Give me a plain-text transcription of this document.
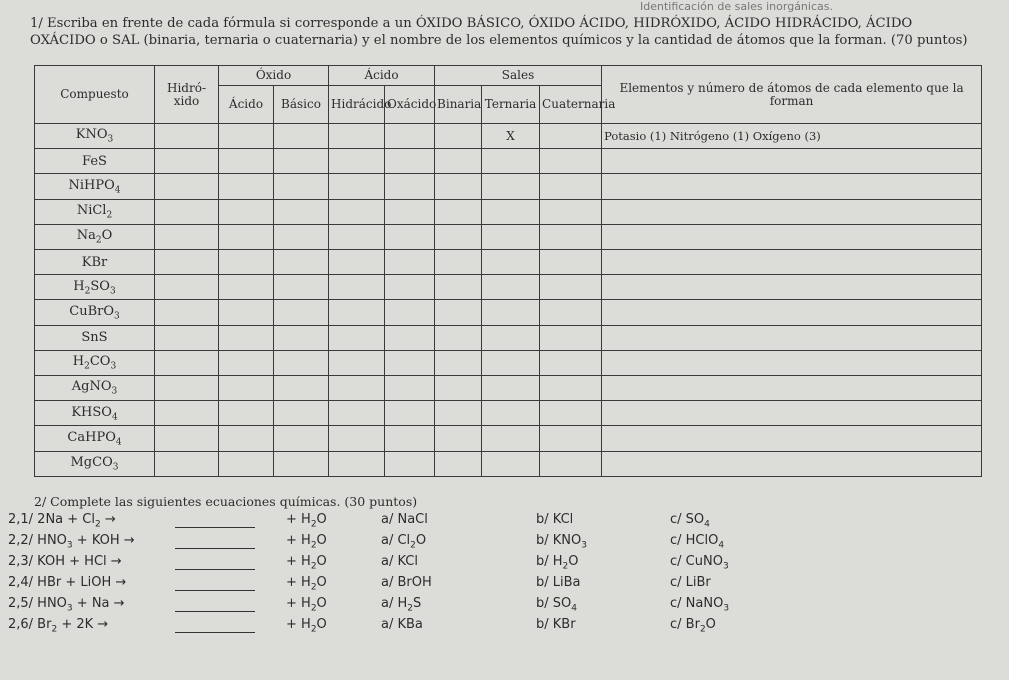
Identificación de sales inorgánicas.
1/ Escriba en frente de cada fórmula si corresponde a un ÓXIDO BÁSICO, ÓXIDO ÁCIDO, HIDRÓXIDO, ÁCIDO HIDRÁCIDO, ÁCIDO
OXÁCIDO o SAL (binaria, ternaria o cuaternaria) y el nombre de los elementos químicos y la cantidad de átomos que la forman. (70 puntos)
Compuesto	Hidró-xido	Óxido		Ácido		Sales			Elementos y número de átomos de cada elemento que la forman
		Ácido	Básico	Hidrácido	Oxácido	Binaria	Ternaria	Cuaternaria	

$KNO_3$							X		Potasio (1) Nitrógeno (1) Oxígeno (3)
FeS									
NiHPO$_4$									
NiCl$_2$									
$Na_2O$									
KBr									
$H_2SO_3$									
CuBrO$_3$									
SnS									
$H_2CO_3$									
AgNO$_3$									
$KHSO_4$									
CaHPO$_4$									
MgCO$_3$									
2/ Complete las siguientes ecuaciones químicas. (30 puntos)
2,1/ $2Na + Cl_2$ →	+ $H_2O$	a/ NaCl	b/ KCl	c/ $SO_4$
2,2/ $HNO_3$ + KOH →	+ $H_2O$	a/ $Cl_2O$	b/ $KNO_3$	c/ HClO$_4$
2,3/ KOH + HCl →	+ $H_2O$	a/ KCl	b/ $H_2O$	c/ CuNO$_3$
2,4/ HBr + LiOH →	+ $H_2O$	a/ BrOH	b/ LiBa	c/ LiBr
2,5/ $HNO_3 + Na$ →	+ $H_2O$	a/ $H_2S$	b/ $SO_4$	c/ NaNO$_3$
2,6/ $Br_2 + 2K$ →	+ $H_2O$	a/ KBa	b/ KBr	c/ $Br_2O$
